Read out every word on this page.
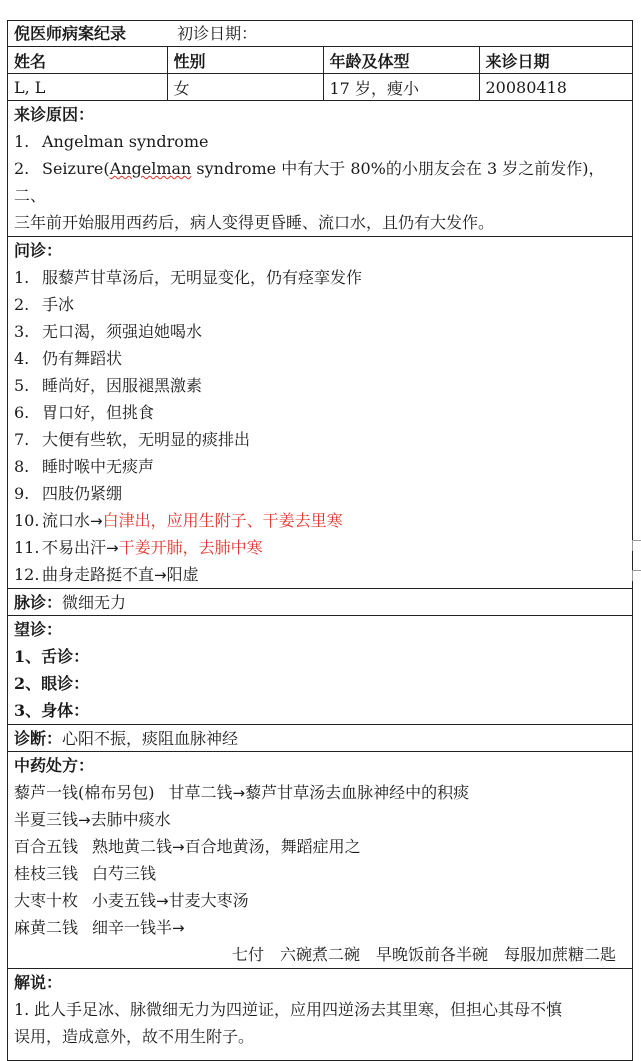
倪医师病案纪录	初诊日期：
姓名	性别	年龄及体型	来诊日期
L, L	女	17 岁，瘦小	20080418
来诊原因：
1. Angelman syndrome
2. Seizure(Angelman syndrome 中有大于 80%的小朋友会在 3 岁之前发作)，二、
三年前开始服用西药后，病人变得更昏睡、流口水，且仍有大发作。
问诊：
1. 服藜芦甘草汤后，无明显变化，仍有痉挛发作
2. 手冰
3. 无口渴，须强迫她喝水
4. 仍有舞蹈状
5. 睡尚好，因服褪黑激素
6. 胃口好，但挑食
7. 大便有些软，无明显的痰排出
8. 睡时喉中无痰声
9. 四肢仍紧绷
10. 流口水→白津出，应用生附子、干姜去里寒
11. 不易出汗→干姜开肺，去肺中寒
12. 曲身走路挺不直→阳虚
脉诊：微细无力
望诊：
1、舌诊：
2、眼诊：
3、身体：
诊断：心阳不振，痰阻血脉神经
中药处方：
藜芦一钱(棉布另包) 甘草二钱→藜芦甘草汤去血脉神经中的积痰
半夏三钱→去肺中痰水
百合五钱 熟地黄二钱→百合地黄汤，舞蹈症用之
桂枝三钱 白芍三钱
大枣十枚 小麦五钱→甘麦大枣汤
麻黄二钱 细辛一钱半→
七付　六碗煮二碗　早晚饭前各半碗　每服加蔗糖二匙
解说：
1. 此人手足冰、脉微细无力为四逆证，应用四逆汤去其里寒，但担心其母不慎
误用，造成意外，故不用生附子。
